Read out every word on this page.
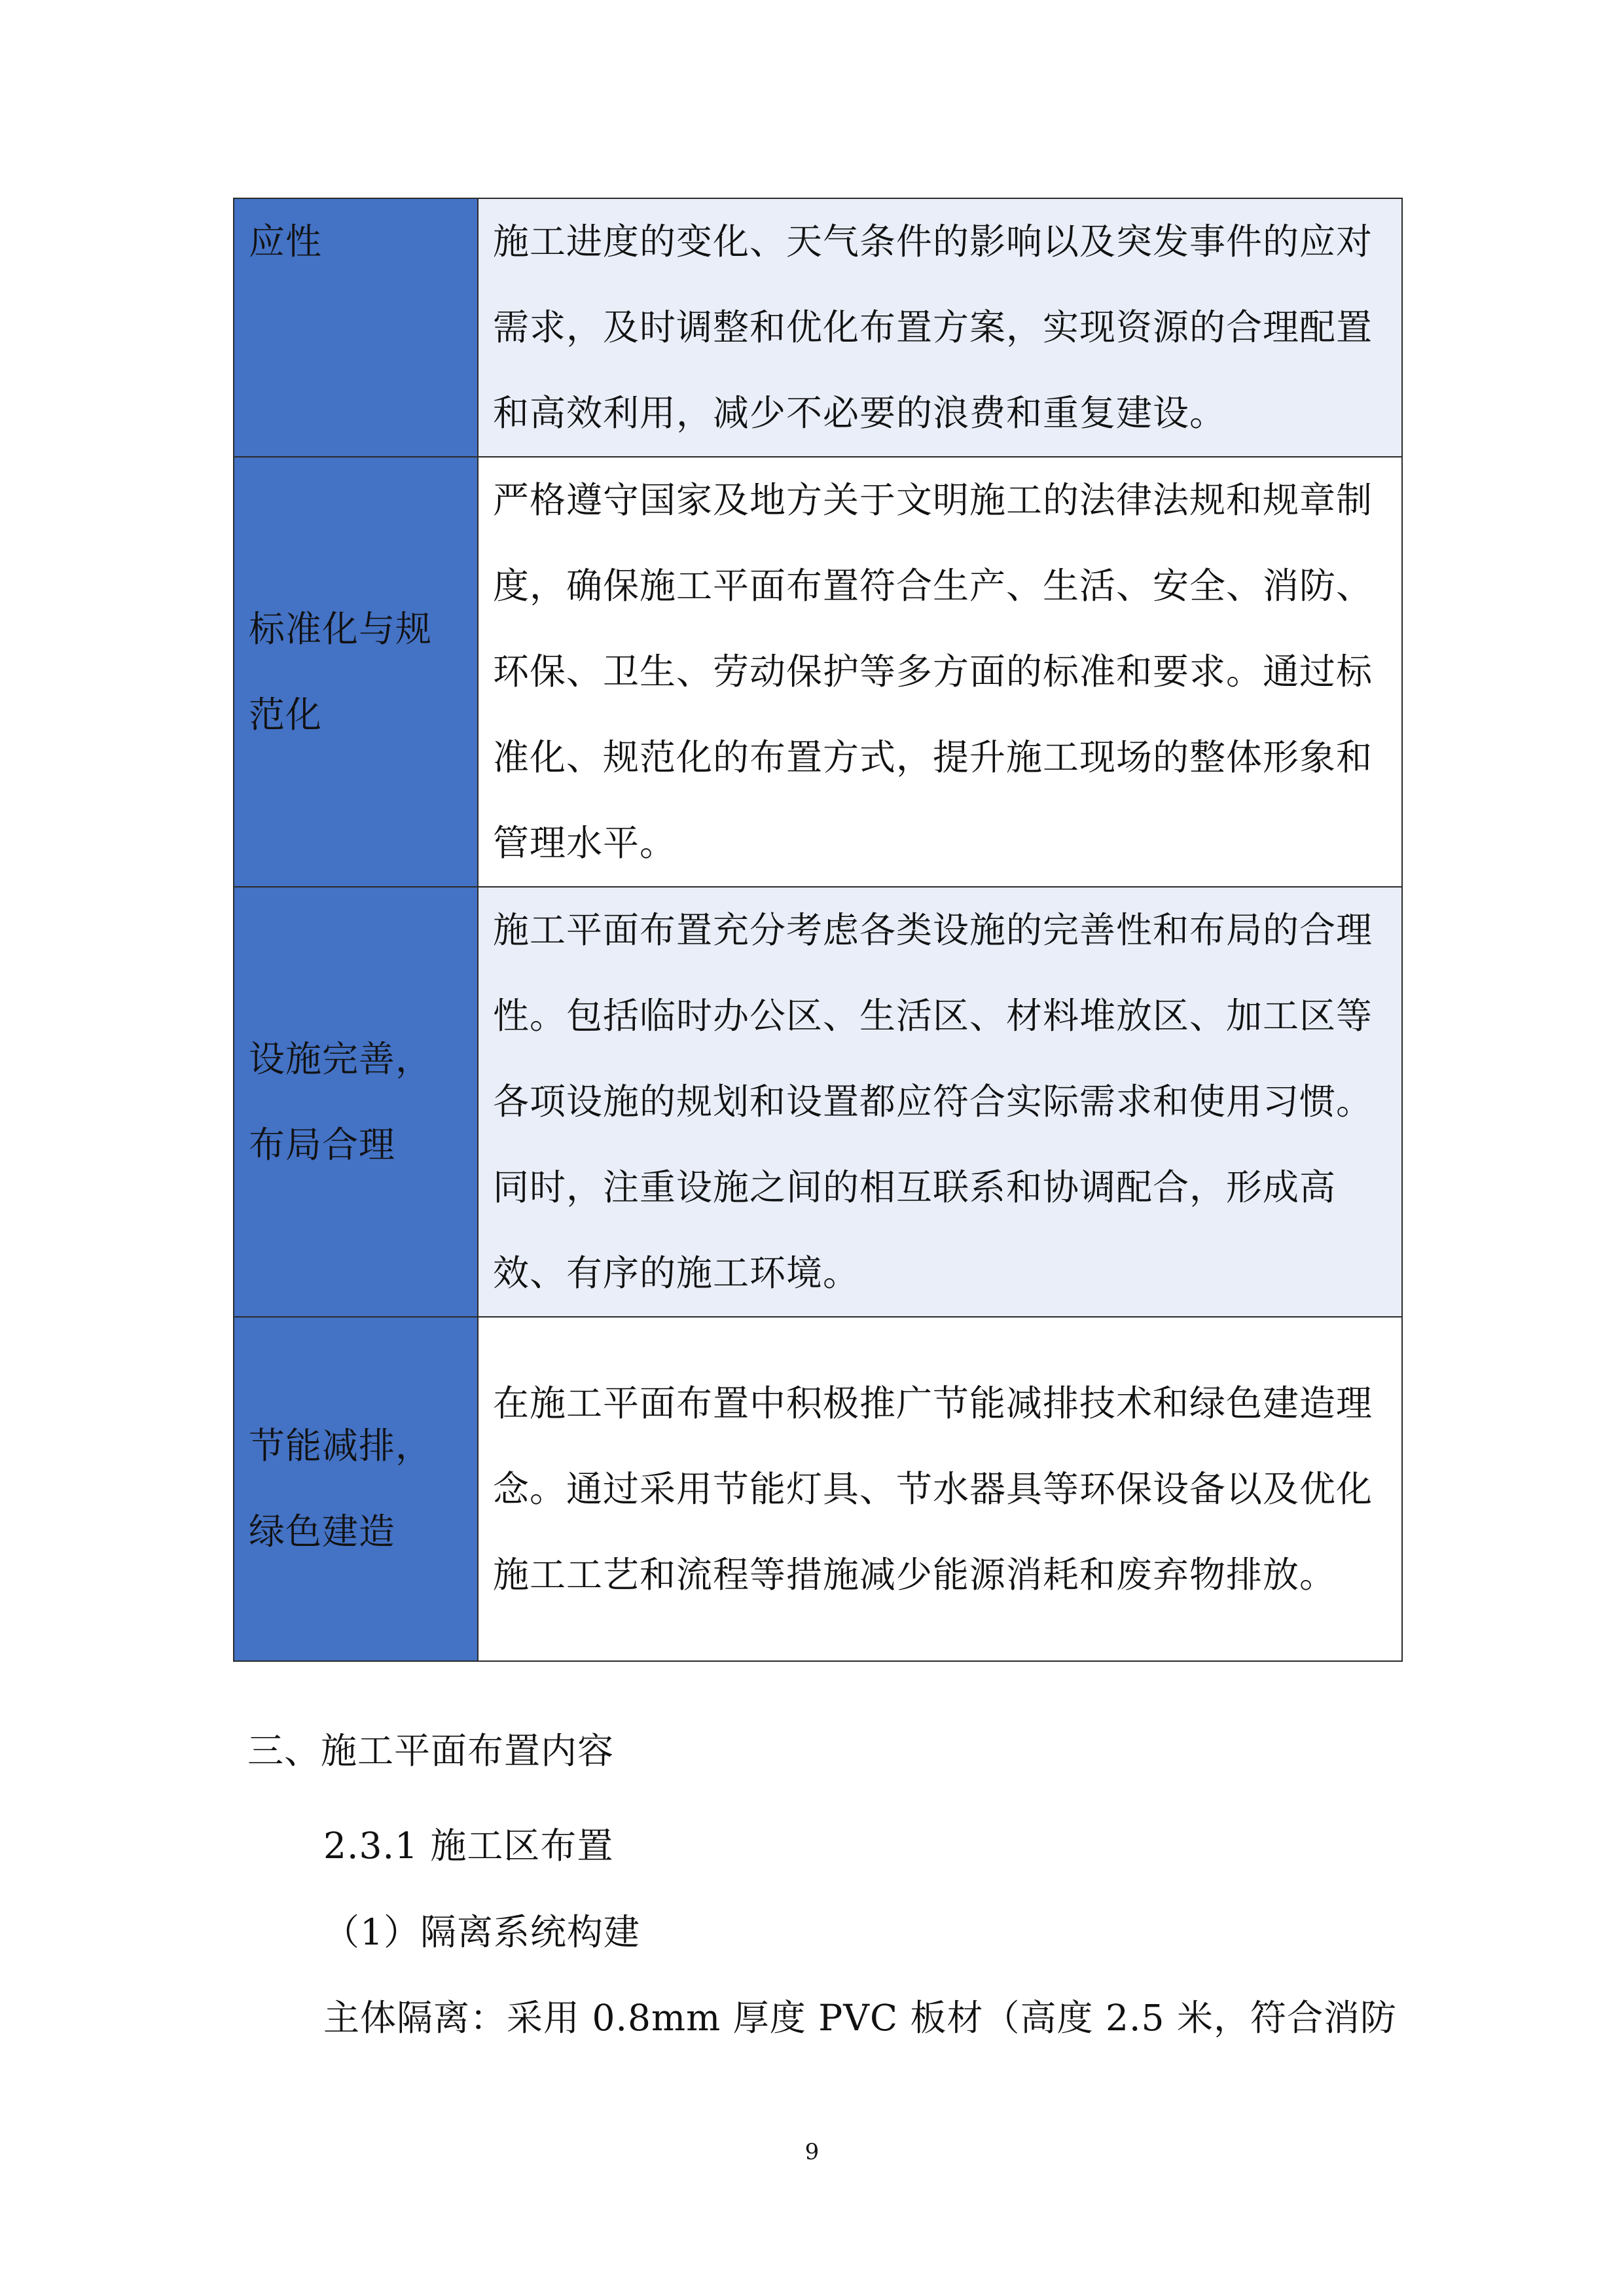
应性	施工进度的变化、天气条件的影响以及突发事件的应对需求，及时调整和优化布置方案，实现资源的合理配置和高效利用，减少不必要的浪费和重复建设。
标准化与规范化	严格遵守国家及地方关于文明施工的法律法规和规章制度，确保施工平面布置符合生产、生活、安全、消防、环保、卫生、劳动保护等多方面的标准和要求。通过标准化、规范化的布置方式，提升施工现场的整体形象和管理水平。
设施完善，布局合理	施工平面布置充分考虑各类设施的完善性和布局的合理性。包括临时办公区、生活区、材料堆放区、加工区等各项设施的规划和设置都应符合实际需求和使用习惯。同时，注重设施之间的相互联系和协调配合，形成高效、有序的施工环境。
节能减排，绿色建造	在施工平面布置中积极推广节能减排技术和绿色建造理念。通过采用节能灯具、节水器具等环保设备以及优化施工工艺和流程等措施减少能源消耗和废弃物排放。
三、施工平面布置内容
2.3.1 施工区布置
（1）隔离系统构建
主体隔离：采用 0.8mm 厚度 PVC 板材（高度 2.5 米，符合消防
9
